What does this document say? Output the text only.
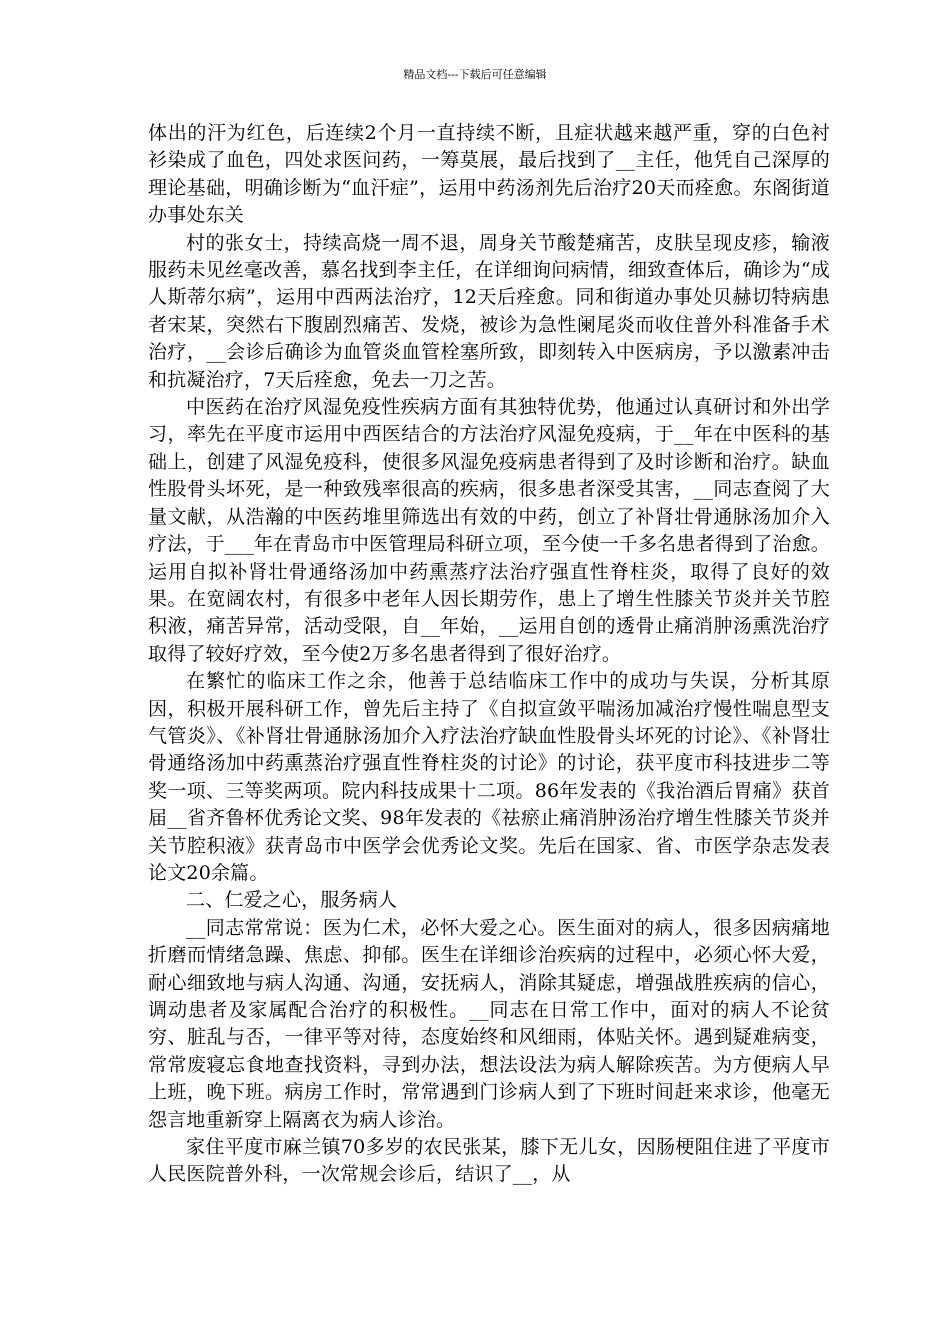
精品文档---下载后可任意编辑

体出的汗为红色，后连续2个月一直持续不断，且症状越来越严重，穿的白色衬衫染成了血色，四处求医问药，一筹莫展，最后找到了__主任，他凭自己深厚的理论基础，明确诊断为“血汗症”，运用中药汤剂先后治疗20天而痊愈。东阁街道办事处东关

村的张女士，持续高烧一周不退，周身关节酸楚痛苦，皮肤呈现皮疹，输液服药未见丝毫改善，慕名找到李主任，在详细询问病情，细致查体后，确诊为“成人斯蒂尔病”，运用中西两法治疗，12天后痊愈。同和街道办事处贝赫切特病患者宋某，突然右下腹剧烈痛苦、发烧，被诊为急性阑尾炎而收住普外科准备手术治疗，__会诊后确诊为血管炎血管栓塞所致，即刻转入中医病房，予以激素冲击和抗凝治疗，7天后痊愈，免去一刀之苦。

中医药在治疗风湿免疫性疾病方面有其独特优势，他通过认真研讨和外出学习，率先在平度市运用中西医结合的方法治疗风湿免疫病，于__年在中医科的基础上，创建了风湿免疫科，使很多风湿免疫病患者得到了及时诊断和治疗。缺血性股骨头坏死，是一种致残率很高的疾病，很多患者深受其害，__同志查阅了大量文献，从浩瀚的中医药堆里筛选出有效的中药，创立了补肾壮骨通脉汤加介入疗法，于___年在青岛市中医管理局科研立项，至今使一千多名患者得到了治愈。运用自拟补肾壮骨通络汤加中药熏蒸疗法治疗强直性脊柱炎，取得了良好的效果。在宽阔农村，有很多中老年人因长期劳作，患上了增生性膝关节炎并关节腔积液，痛苦异常，活动受限，自__年始，__运用自创的透骨止痛消肿汤熏洗治疗取得了较好疗效，至今使2万多名患者得到了很好治疗。

在繁忙的临床工作之余，他善于总结临床工作中的成功与失误，分析其原因，积极开展科研工作，曾先后主持了《自拟宣敛平喘汤加减治疗慢性喘息型支气管炎》、《补肾壮骨通脉汤加介入疗法治疗缺血性股骨头坏死的讨论》、《补肾壮骨通络汤加中药熏蒸治疗强直性脊柱炎的讨论》的讨论，获平度市科技进步二等奖一项、三等奖两项。院内科技成果十二项。86年发表的《我治酒后胃痛》获首届__省齐鲁杯优秀论文奖、98年发表的《祛瘀止痛消肿汤治疗增生性膝关节炎并关节腔积液》获青岛市中医学会优秀论文奖。先后在国家、省、市医学杂志发表论文20余篇。

二、仁爱之心，服务病人

__同志常常说：医为仁术，必怀大爱之心。医生面对的病人，很多因病痛地折磨而情绪急躁、焦虑、抑郁。医生在详细诊治疾病的过程中，必须心怀大爱，耐心细致地与病人沟通、沟通，安抚病人，消除其疑虑，增强战胜疾病的信心，调动患者及家属配合治疗的积极性。__同志在日常工作中，面对的病人不论贫穷、脏乱与否，一律平等对待，态度始终和风细雨，体贴关怀。遇到疑难病变，常常废寝忘食地查找资料，寻到办法，想法设法为病人解除疾苦。为方便病人早上班，晚下班。病房工作时，常常遇到门诊病人到了下班时间赶来求诊，他毫无怨言地重新穿上隔离衣为病人诊治。

家住平度市麻兰镇70多岁的农民张某，膝下无儿女，因肠梗阻住进了平度市人民医院普外科，一次常规会诊后，结识了__，从
